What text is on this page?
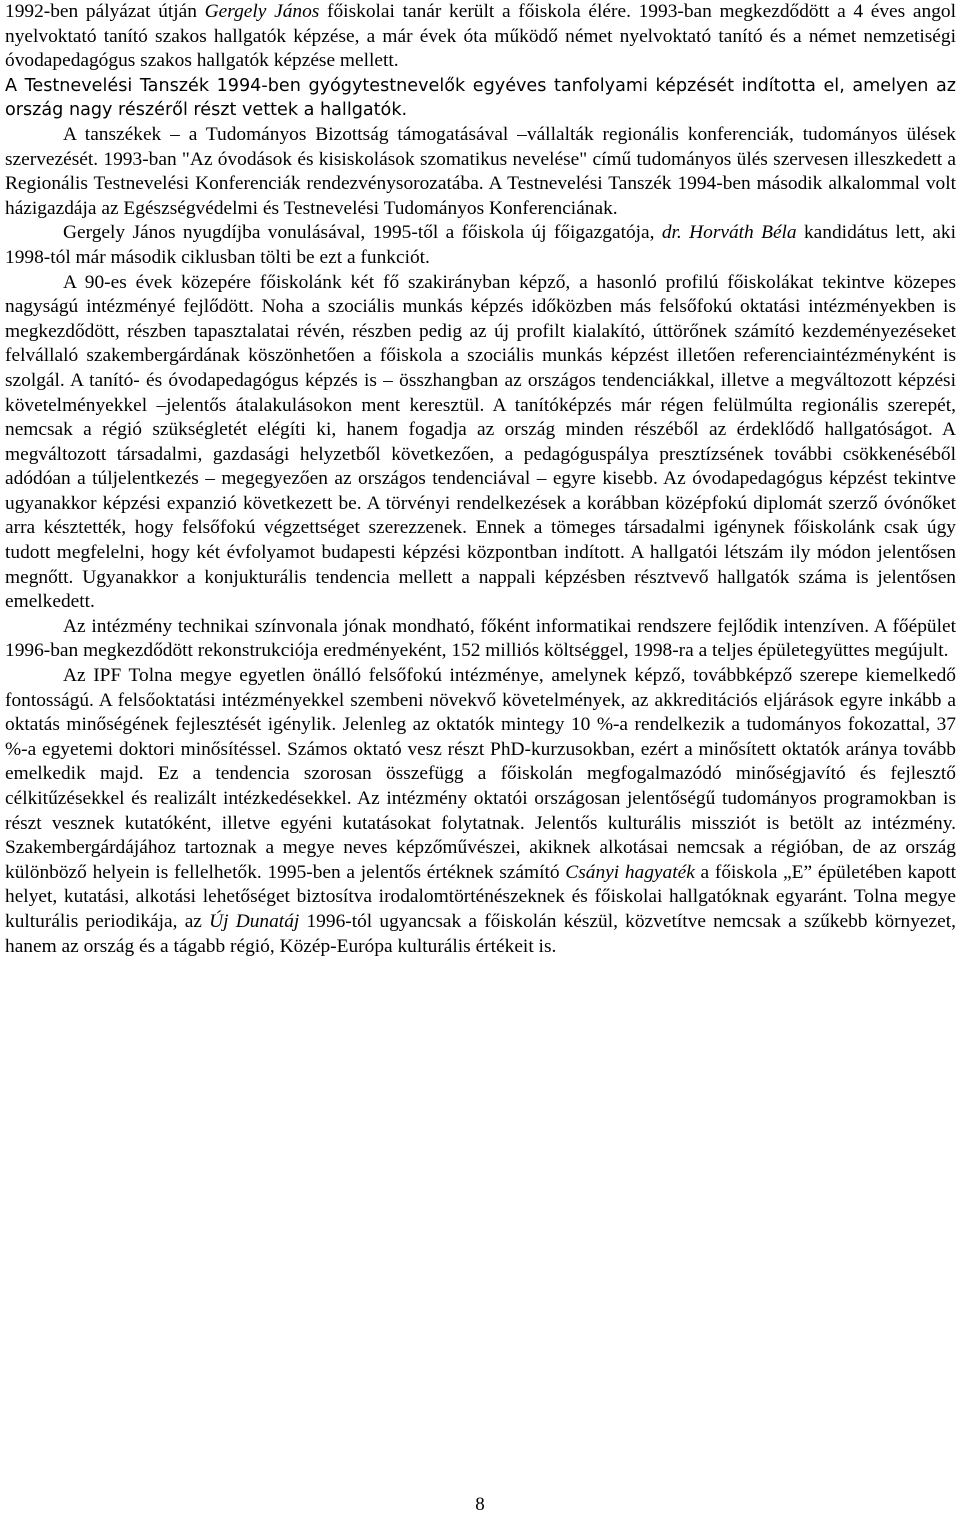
1992-ben pályázat útján Gergely János főiskolai tanár került a főiskola élére. 1993-ban megkezdődött a 4 éves angol nyelvoktató tanító szakos hallgatók képzése, a már évek óta működő német nyelvoktató tanító és a német nemzetiségi óvodapedagógus szakos hallgatók képzése mellett.

A Testnevelési Tanszék 1994-ben gyógytestnevelők egyéves tanfolyami képzését indította el, amelyen az ország nagy részéről részt vettek a hallgatók.

A tanszékek – a Tudományos Bizottság támogatásával –vállalták regionális konferenciák, tudományos ülések szervezését. 1993-ban "Az óvodások és kisiskolások szomatikus nevelése" című tudományos ülés szervesen illeszkedett a Regionális Testnevelési Konferenciák rendezvénysorozatába. A Testnevelési Tanszék 1994-ben második alkalommal volt házigazdája az Egészségvédelmi és Testnevelési Tudományos Konferenciának.

Gergely János nyugdíjba vonulásával, 1995-től a főiskola új főigazgatója, dr. Horváth Béla kandidátus lett, aki 1998-tól már második ciklusban tölti be ezt a funkciót.

A 90-es évek közepére főiskolánk két fő szakirányban képző, a hasonló profilú főiskolákat tekintve közepes nagyságú intézményé fejlődött. Noha a szociális munkás képzés időközben más felsőfokú oktatási intézményekben is megkezdődött, részben tapasztalatai révén, részben pedig az új profilt kialakító, úttörőnek számító kezdeményezéseket felvállaló szakembergárdának köszönhetően a főiskola a szociális munkás képzést illetően referenciaintézményként is szolgál. A tanító- és óvodapedagógus képzés is – összhangban az országos tendenciákkal, illetve a megváltozott képzési követelményekkel –jelentős átalakulásokon ment keresztül. A tanítóképzés már régen felülmúlta regionális szerepét, nemcsak a régió szükségletét elégíti ki, hanem fogadja az ország minden részéből az érdeklődő hallgatóságot. A megváltozott társadalmi, gazdasági helyzetből következően, a pedagóguspálya presztízsének további csökkenéséből adódóan a túljelentkezés – megegyezően az országos tendenciával – egyre kisebb. Az óvodapedagógus képzést tekintve ugyanakkor képzési expanzió következett be. A törvényi rendelkezések a korábban középfokú diplomát szerző óvónőket arra késztették, hogy felsőfokú végzettséget szerezzenek. Ennek a tömeges társadalmi igénynek főiskolánk csak úgy tudott megfelelni, hogy két évfolyamot budapesti képzési központban indított. A hallgatói létszám ily módon jelentősen megnőtt. Ugyanakkor a konjukturális tendencia mellett a nappali képzésben résztvevő hallgatók száma is jelentősen emelkedett.

Az intézmény technikai színvonala jónak mondható, főként informatikai rendszere fejlődik intenzíven. A főépület 1996-ban megkezdődött rekonstrukciója eredményeként, 152 milliós költséggel, 1998-ra a teljes épületegyüttes megújult.

Az IPF Tolna megye egyetlen önálló felsőfokú intézménye, amelynek képző, továbbképző szerepe kiemelkedő fontosságú. A felsőoktatási intézményekkel szembeni növekvő követelmények, az akkreditációs eljárások egyre inkább a oktatás minőségének fejlesztését igénylik. Jelenleg az oktatók mintegy 10 %-a rendelkezik a tudományos fokozattal, 37 %-a egyetemi doktori minősítéssel. Számos oktató vesz részt PhD-kurzusokban, ezért a minősített oktatók aránya tovább emelkedik majd. Ez a tendencia szorosan összefügg a főiskolán megfogalmazódó minőségjavító és fejlesztő célkitűzésekkel és realizált intézkedésekkel. Az intézmény oktatói országosan jelentőségű tudományos programokban is részt vesznek kutatóként, illetve egyéni kutatásokat folytatnak. Jelentős kulturális missziót is betölt az intézmény. Szakembergárdájához tartoznak a megye neves képzőművészei, akiknek alkotásai nemcsak a régióban, de az ország különböző helyein is fellelhetők. 1995-ben a jelentős értéknek számító Csányi hagyaték a főiskola „E” épületében kapott helyet, kutatási, alkotási lehetőséget biztosítva irodalomtörténészeknek és főiskolai hallgatóknak egyaránt. Tolna megye kulturális periodikája, az Új Dunatáj 1996-tól ugyancsak a főiskolán készül, közvetítve nemcsak a szűkebb környezet, hanem az ország és a tágabb régió, Közép-Európa kulturális értékeit is.

8
